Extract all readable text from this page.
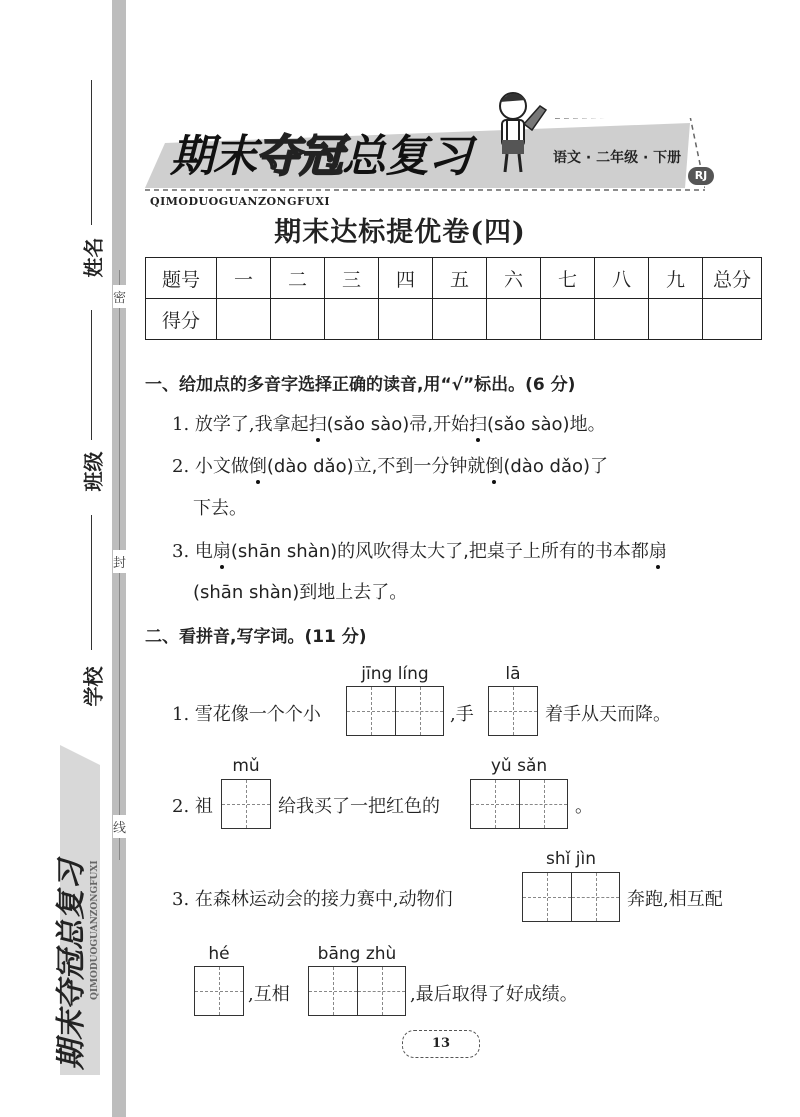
姓名
班级
学校
密
封
线
期末夺冠总复习 QIMODUOGUANZONGFUXI
期末夺冠总复习	语文 · 二年级 · 下册
RJ
QIMODUOGUANZONGFUXI
期末达标提优卷(四)
题号	一	二	三	四	五	六	七	八	九	总分
得分										
一、给加点的多音字选择正确的读音,用“√”标出。(6 分)
1. 放学了,我拿起扫(sǎo sào)帚,开始扫(sǎo sào)地。
2. 小文做倒(dào dǎo)立,不到一分钟就倒(dào dǎo)了
下去。
3. 电扇(shān shàn)的风吹得太大了,把桌子上所有的书本都扇
(shān shàn)到地上去了。
二、看拼音,写字词。(11 分)
1. 雪花像一个个小
jīng líng
,手
lā
着手从天而降。
2. 祖
mǔ
给我买了一把红色的
yǔ sǎn
。
3. 在森林运动会的接力赛中,动物们
shǐ jìn
奔跑,相互配
hé
,互相
bāng zhù
,最后取得了好成绩。
13
